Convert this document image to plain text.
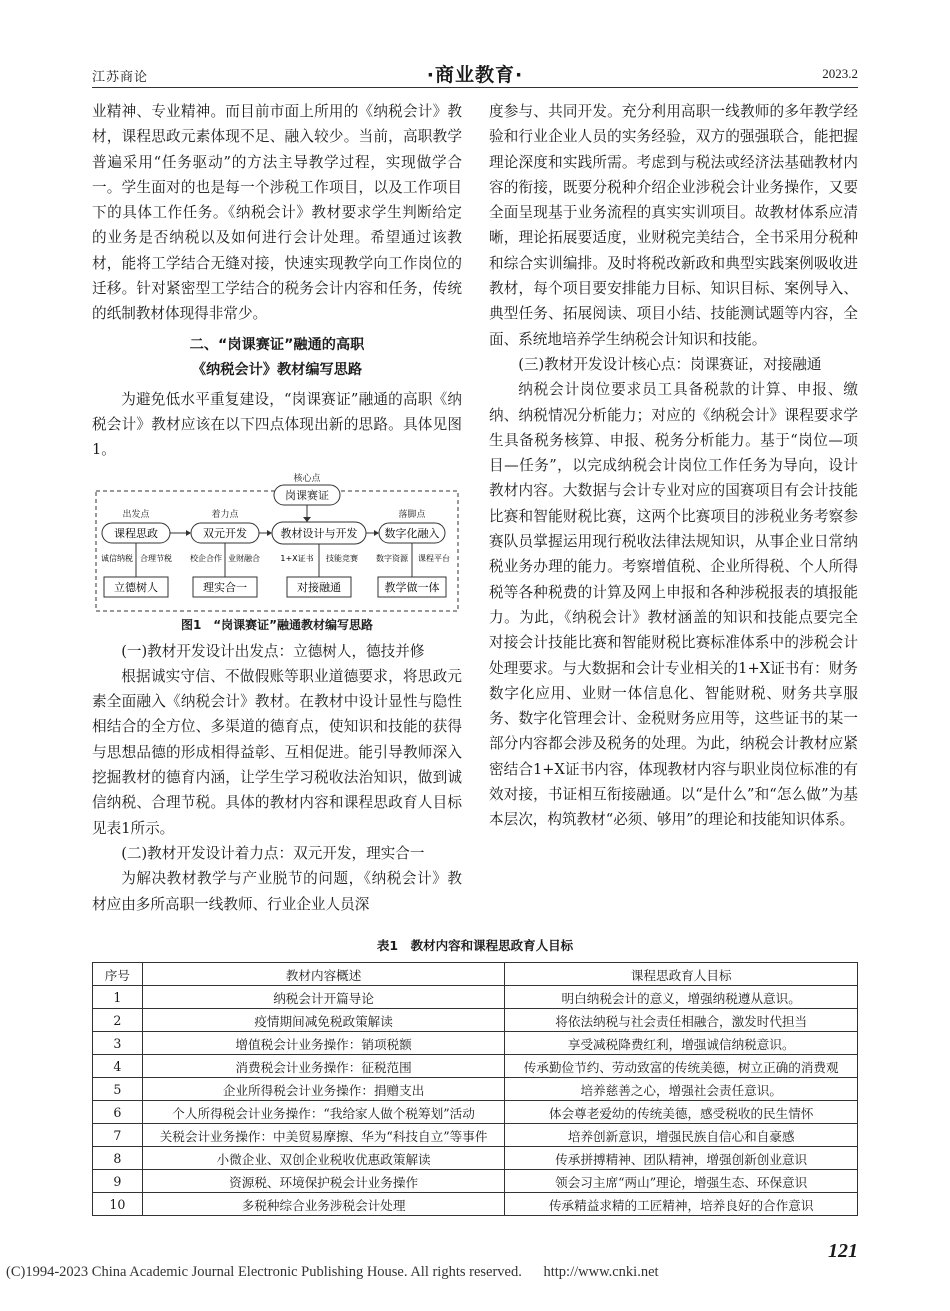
江苏商论	·商业教育·	2023.2

业精神、专业精神。而目前市面上所用的《纳税会计》教材，课程思政元素体现不足、融入较少。当前，高职教学普遍采用“任务驱动”的方法主导教学过程，实现做学合一。学生面对的也是每一个涉税工作项目，以及工作项目下的具体工作任务。《纳税会计》教材要求学生判断给定的业务是否纳税以及如何进行会计处理。希望通过该教材，能将工学结合无缝对接，快速实现教学向工作岗位的迁移。针对紧密型工学结合的税务会计内容和任务，传统的纸制教材体现得非常少。

二、“岗课赛证”融通的高职
《纳税会计》教材编写思路

为避免低水平重复建设，“岗课赛证”融通的高职《纳税会计》教材应该在以下四点体现出新的思路。具体见图1。

核心点
岗课赛证
出发点
课程思政
诚信纳税 合理节税
立德树人
着力点
双元开发
校企合作 业财融合
理实合一
教材设计与开发
1+X证书 技能竞赛
对接融通
落脚点
数字化融入
数字资源 课程平台
教学做一体
图1　“岗课赛证”融通教材编写思路

(一)教材开发设计出发点：立德树人，德技并修

根据诚实守信、不做假账等职业道德要求，将思政元素全面融入《纳税会计》教材。在教材中设计显性与隐性相结合的全方位、多渠道的德育点，使知识和技能的获得与思想品德的形成相得益彰、互相促进。能引导教师深入挖掘教材的德育内涵，让学生学习税收法治知识，做到诚信纳税、合理节税。具体的教材内容和课程思政育人目标见表1所示。

(二)教材开发设计着力点：双元开发，理实合一

为解决教材教学与产业脱节的问题，《纳税会计》教材应由多所高职一线教师、行业企业人员深

度参与、共同开发。充分利用高职一线教师的多年教学经验和行业企业人员的实务经验，双方的强强联合，能把握理论深度和实践所需。考虑到与税法或经济法基础教材内容的衔接，既要分税种介绍企业涉税会计业务操作，又要全面呈现基于业务流程的真实实训项目。故教材体系应清晰，理论拓展要适度，业财税完美结合，全书采用分税种和综合实训编排。及时将税改新政和典型实践案例吸收进教材，每个项目要安排能力目标、知识目标、案例导入、典型任务、拓展阅读、项目小结、技能测试题等内容，全面、系统地培养学生纳税会计知识和技能。

(三)教材开发设计核心点：岗课赛证，对接融通

纳税会计岗位要求员工具备税款的计算、申报、缴纳、纳税情况分析能力；对应的《纳税会计》课程要求学生具备税务核算、申报、税务分析能力。基于“岗位—项目—任务”，以完成纳税会计岗位工作任务为导向，设计教材内容。大数据与会计专业对应的国赛项目有会计技能比赛和智能财税比赛，这两个比赛项目的涉税业务考察参赛队员掌握运用现行税收法律法规知识，从事企业日常纳税业务办理的能力。考察增值税、企业所得税、个人所得税等各种税费的计算及网上申报和各种涉税报表的填报能力。为此，《纳税会计》教材涵盖的知识和技能点要完全对接会计技能比赛和智能财税比赛标准体系中的涉税会计处理要求。与大数据和会计专业相关的1+X证书有：财务数字化应用、业财一体信息化、智能财税、财务共享服务、数字化管理会计、金税财务应用等，这些证书的某一部分内容都会涉及税务的处理。为此，纳税会计教材应紧密结合1+X证书内容，体现教材内容与职业岗位标准的有效对接，书证相互衔接融通。以“是什么”和“怎么做”为基本层次，构筑教材“必须、够用”的理论和技能知识体系。

表1　教材内容和课程思政育人目标
序号	教材内容概述	课程思政育人目标
1	纳税会计开篇导论	明白纳税会计的意义，增强纳税遵从意识。
2	疫情期间减免税政策解读	将依法纳税与社会责任相融合，激发时代担当
3	增值税会计业务操作：销项税额	享受减税降费红利，增强诚信纳税意识。
4	消费税会计业务操作：征税范围	传承勤俭节约、劳动致富的传统美德，树立正确的消费观
5	企业所得税会计业务操作：捐赠支出	培养慈善之心，增强社会责任意识。
6	个人所得税会计业务操作：“我给家人做个税筹划”活动	体会尊老爱幼的传统美德，感受税收的民生情怀
7	关税会计业务操作：中美贸易摩擦、华为“科技自立”等事件	培养创新意识，增强民族自信心和自豪感
8	小微企业、双创企业税收优惠政策解读	传承拼搏精神、团队精神，增强创新创业意识
9	资源税、环境保护税会计业务操作	领会习主席“两山”理论，增强生态、环保意识
10	多税种综合业务涉税会计处理	传承精益求精的工匠精神，培养良好的合作意识
121
(C)1994-2023 China Academic Journal Electronic Publishing House. All rights reserved. http://www.cnki.net
